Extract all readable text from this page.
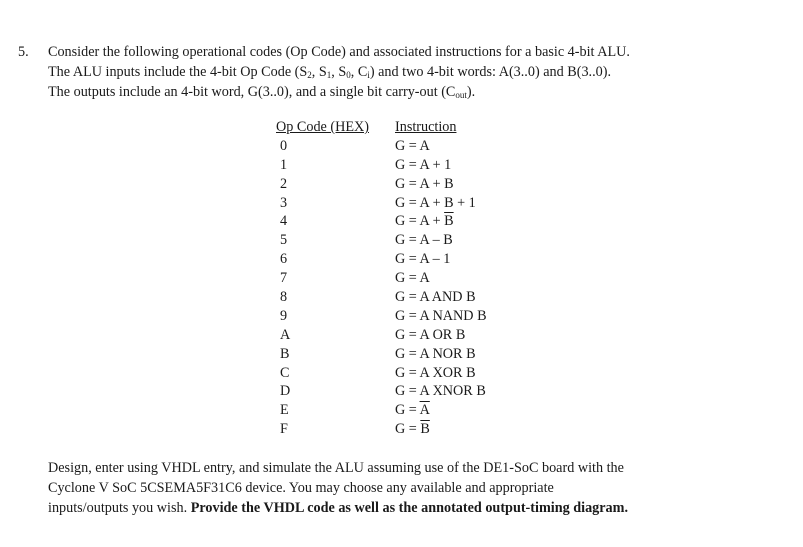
5. Consider the following operational codes (Op Code) and associated instructions for a basic 4-bit ALU.
The ALU inputs include the 4-bit Op Code ($S_2$, $S_1$, $S_0$, $C_i$) and two 4-bit words: A(3..0) and B(3..0).
The outputs include an 4-bit word, G(3..0), and a single bit carry-out $(C_{out})$.
Op Code (HEX)	Instruction
0	G = A
1	G = A + 1
2	G = A + B
3	G = A + B + 1
4	$G = A + \overline{B}$
5	G = A – B
6	G = A – 1
7	G = A
8	G = A AND B
9	G = A NAND B
A	G = A OR B
B	G = A NOR B
C	G = A XOR B
D	G = A XNOR B
E	$G = \overline{A}$
F	$G = \overline{B}$
Design, enter using VHDL entry, and simulate the ALU assuming use of the DE1-SoC board with the
Cyclone V SoC 5CSEMA5F31C6 device. You may choose any available and appropriate
inputs/outputs you wish. Provide the VHDL code as well as the annotated output-timing diagram.
